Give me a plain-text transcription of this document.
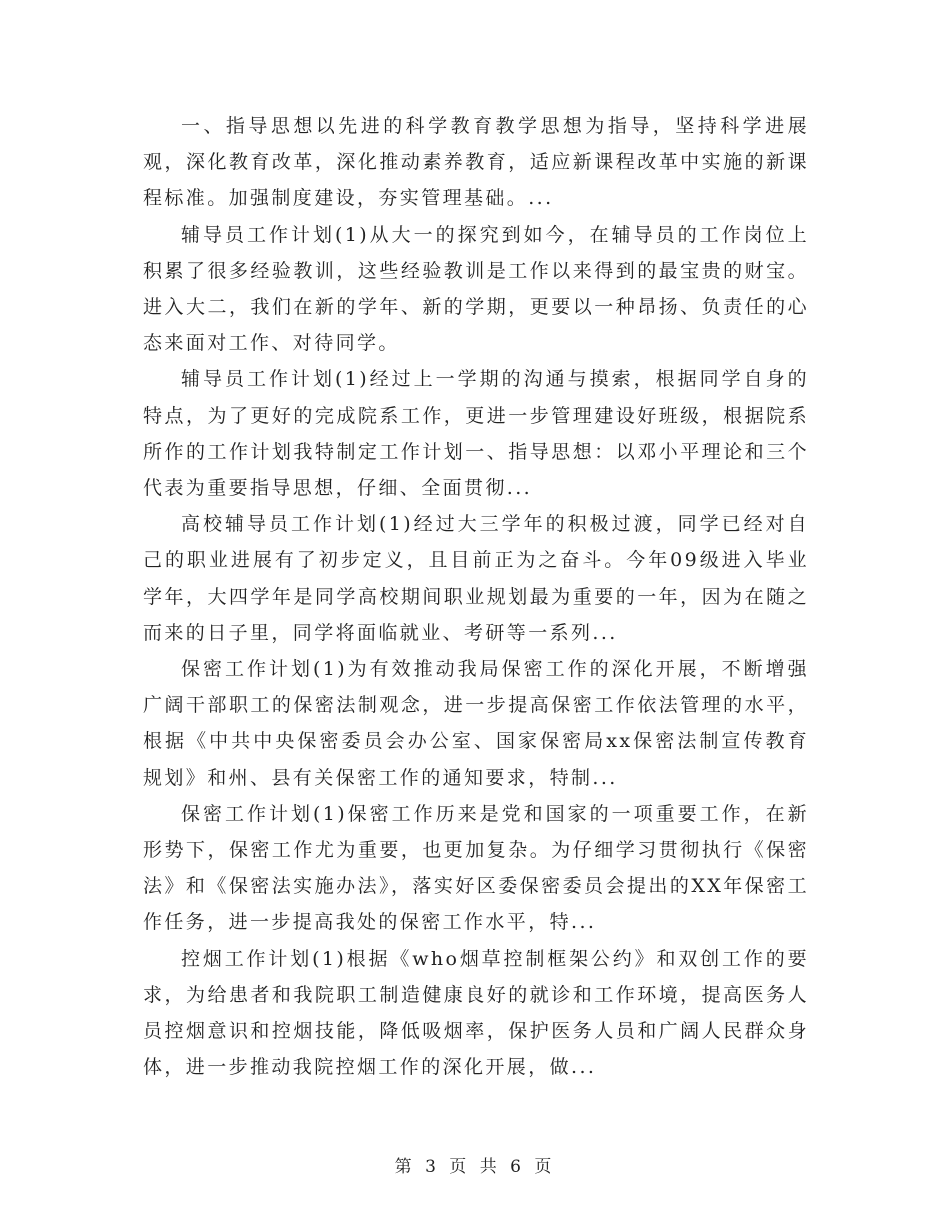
一、指导思想以先进的科学教育教学思想为指导，坚持科学进展观，深化教育改革，深化推动素养教育，适应新课程改革中实施的新课程标准。加强制度建设，夯实管理基础。...

辅导员工作计划(1)从大一的探究到如今，在辅导员的工作岗位上积累了很多经验教训，这些经验教训是工作以来得到的最宝贵的财宝。进入大二，我们在新的学年、新的学期，更要以一种昂扬、负责任的心态来面对工作、对待同学。

辅导员工作计划(1)经过上一学期的沟通与摸索，根据同学自身的特点，为了更好的完成院系工作，更进一步管理建设好班级，根据院系所作的工作计划我特制定工作计划一、指导思想：以邓小平理论和三个代表为重要指导思想，仔细、全面贯彻...

高校辅导员工作计划(1)经过大三学年的积极过渡，同学已经对自己的职业进展有了初步定义，且目前正为之奋斗。今年09级进入毕业学年，大四学年是同学高校期间职业规划最为重要的一年，因为在随之而来的日子里，同学将面临就业、考研等一系列...

保密工作计划(1)为有效推动我局保密工作的深化开展，不断增强广阔干部职工的保密法制观念，进一步提高保密工作依法管理的水平，根据《中共中央保密委员会办公室、国家保密局xx保密法制宣传教育规划》和州、县有关保密工作的通知要求，特制...

保密工作计划(1)保密工作历来是党和国家的一项重要工作，在新形势下，保密工作尤为重要，也更加复杂。为仔细学习贯彻执行《保密法》和《保密法实施办法》，落实好区委保密委员会提出的XX年保密工作任务，进一步提高我处的保密工作水平，特...

控烟工作计划(1)根据《who烟草控制框架公约》和双创工作的要求，为给患者和我院职工制造健康良好的就诊和工作环境，提高医务人员控烟意识和控烟技能，降低吸烟率，保护医务人员和广阔人民群众身体，进一步推动我院控烟工作的深化开展，做...

第 3 页 共 6 页
